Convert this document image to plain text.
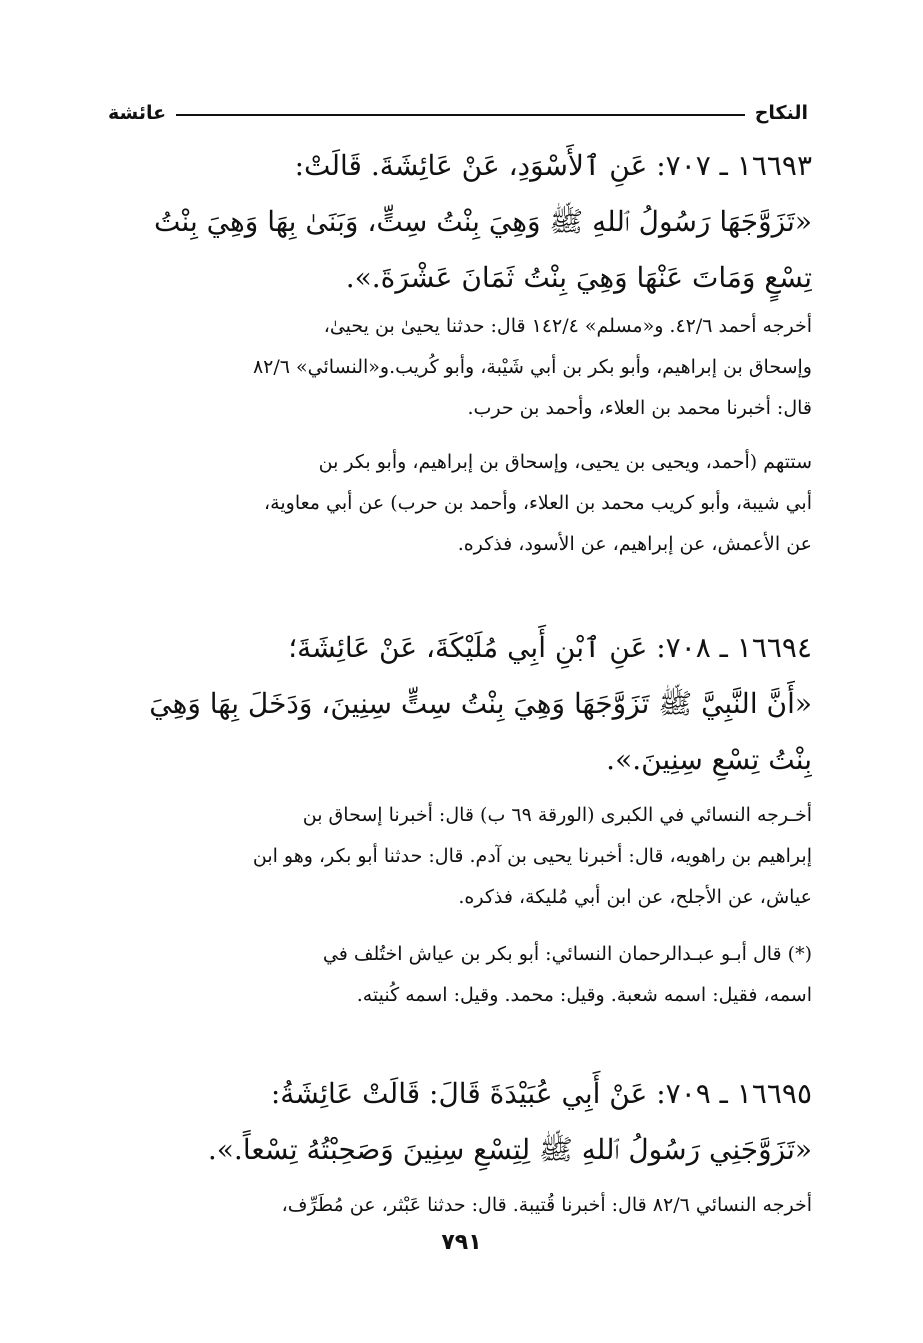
النكاح
عائشة
١٦٦٩٣ ـ ٧٠٧: عَنِ ٱلأَسْوَدِ، عَنْ عَائِشَةَ. قَالَتْ:
«تَزَوَّجَهَا رَسُولُ ٱللهِ ﷺ وَهِيَ بِنْتُ سِتٍّ، وَبَنَىٰ بِهَا وَهِيَ بِنْتُ
تِسْعٍ وَمَاتَ عَنْهَا وَهِيَ بِنْتُ ثَمَانَ عَشْرَةَ.».
أخرجه أحمد ٤٢/٦. و«مسلم» ١٤٢/٤ قال: حدثنا يحيىٰ بن يحيىٰ،
وإسحاق بن إبراهيم، وأبو بكر بن أبي شَيْبة، وأبو كُريب.و«النسائي» ٨٢/٦
قال: أخبرنا محمد بن العلاء، وأحمد بن حرب.
ستتهم (أحمد، ويحيى بن يحيى، وإسحاق بن إبراهيم، وأبو بكر بن
أبي شيبة، وأبو كريب محمد بن العلاء، وأحمد بن حرب) عن أبي معاوية،
عن الأعمش، عن إبراهيم، عن الأسود، فذكره.
١٦٦٩٤ ـ ٧٠٨: عَنِ ٱبْنِ أَبِي مُلَيْكَةَ، عَنْ عَائِشَةَ؛
«أَنَّ النَّبِيَّ ﷺ تَزَوَّجَهَا وَهِيَ بِنْتُ سِتٍّ سِنِينَ، وَدَخَلَ بِهَا وَهِيَ
بِنْتُ تِسْعِ سِنِينَ.».
أخـرجه النسائي في الكبرى (الورقة ٦٩ ب) قال: أخبرنا إسحاق بن
إبراهيم بن راهويه، قال: أخبرنا يحيى بن آدم. قال: حدثنا أبو بكر، وهو ابن
عياش، عن الأجلح، عن ابن أبي مُليكة، فذكره.
(*) قال أبـو عبـدالرحمان النسائي: أبو بكر بن عياش اختُلف في
اسمه، فقيل: اسمه شعبة. وقيل: محمد. وقيل: اسمه كُنيته.
١٦٦٩٥ ـ ٧٠٩: عَنْ أَبِي عُبَيْدَةَ قَالَ: قَالَتْ عَائِشَةُ:
«تَزَوَّجَنِي رَسُولُ ٱللهِ ﷺ لِتِسْعِ سِنِينَ وَصَحِبْتُهُ تِسْعاً.».
أخرجه النسائي ٨٢/٦ قال: أخبرنا قُتيبة. قال: حدثنا عَبْثر، عن مُطَرِّف،
٧٩١
